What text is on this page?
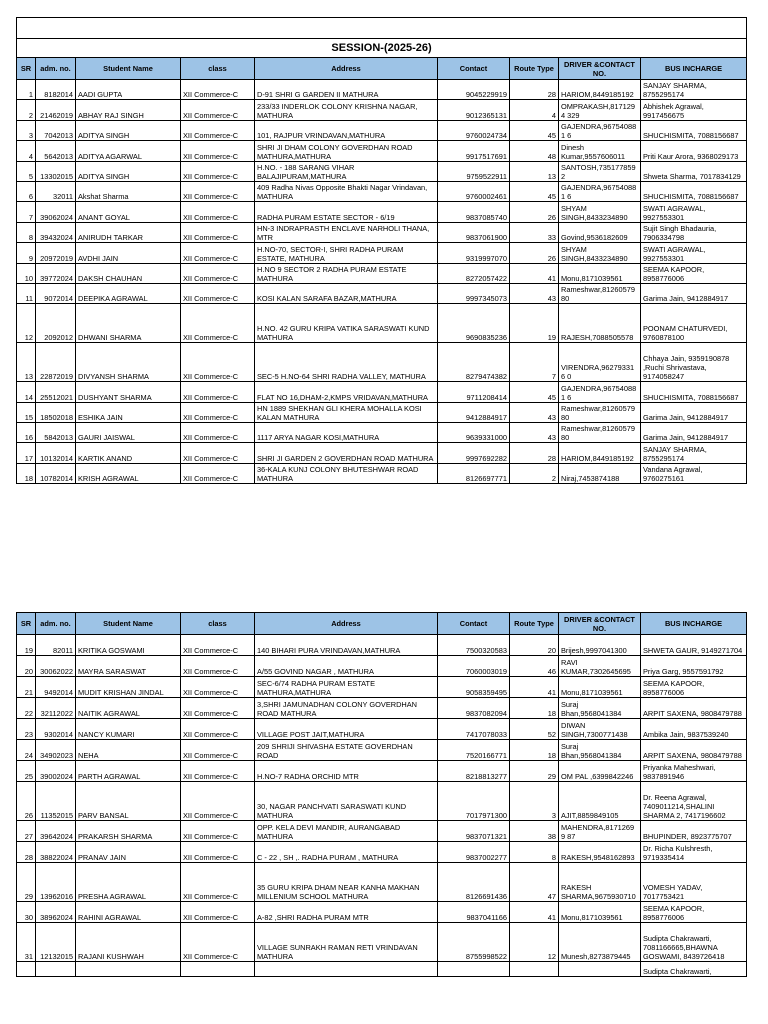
SESSION-(2025-26)								
SR	adm. no.	Student Name	class	Address	Contact	Route Type	DRIVER &CONTACT NO.	BUS INCHARGE
1	8182014	AADI GUPTA	XII Commerce-C	D-91 SHRI G GARDEN II MATHURA	9045229919	28	HARIOM,8449185192	SANJAY SHARMA, 8755295174
2	21462019	ABHAY RAJ SINGH	XII Commerce-C	233/33 INDERLOK COLONY KRISHNA NAGAR, MATHURA	9012365131	4	OMPRAKASH,8171294 329	Abhishek Agrawal, 9917456675
3	7042013	ADITYA SINGH	XII Commerce-C	101, RAJPUR VRINDAVAN,MATHURA	9760024734	45	GAJENDRA,967540881 6	SHUCHISMITA, 7088156687
4	5642013	ADITYA AGARWAL	XII Commerce-C	SHRI JI DHAM COLONY GOVERDHAN ROAD MATHURA,MATHURA	9917517691	48	Dinesh Kumar,9557606011	Priti Kaur Arora, 9368029173
5	13302015	ADITYA SINGH	XII Commerce-C	H.NO. - 188 SARANG VIHAR BALAJIPURAM,MATHURA	9759522911	13	SANTOSH,7351778592	Shweta Sharma, 7017834129
6	32011	Akshat Sharma	XII Commerce-C	409 Radha Nivas Opposite Bhakti Nagar Vrindavan, MATHURA	9760002461	45	GAJENDRA,967540881 6	SHUCHISMITA, 7088156687
7	39062024	ANANT GOYAL	XII Commerce-C	RADHA PURAM ESTATE SECTOR - 6/19	9837085740	26	SHYAM SINGH,8433234890	SWATI AGRAWAL, 9927553301
8	39432024	ANIRUDH TARKAR	XII Commerce-C	HN-3 INDRAPRASTH ENCLAVE NARHOLI THANA, MTR	9837061900	33	Govind,9536182609	Sujit Singh Bhadauria, 7906334798
9	20972019	AVDHI JAIN	XII Commerce-C	H.NO-70, SECTOR-I, SHRI RADHA PURAM ESTATE, MATHURA	9319997070	26	SHYAM SINGH,8433234890	SWATI AGRAWAL, 9927553301
10	39772024	DAKSH CHAUHAN	XII Commerce-C	H.NO 9 SECTOR 2 RADHA PURAM ESTATE MATHURA	8272057422	41	Monu,8171039561	SEEMA KAPOOR, 8958776006
11	9072014	DEEPIKA AGRAWAL	XII Commerce-C	KOSI KALAN SARAFA BAZAR,MATHURA	9997345073	43	Rameshwar,81260579 80	Garima Jain, 9412884917
12	2092012	DHWANI SHARMA	XII Commerce-C	H.NO. 42 GURU KRIPA VATIKA SARASWATI KUND MATHURA	9690835236	19	RAJESH,7088505578	POONAM CHATURVEDI, 9760878100
13	22872019	DIVYANSH SHARMA	XII Commerce-C	SEC-5 H.NO-64 SHRI RADHA VALLEY, MATHURA	8279474382	7	VIRENDRA,962793316 0	Chhaya Jain, 9359190878 ,Ruchi Shrivastava, 9174058247
14	25512021	DUSHYANT SHARMA	XII Commerce-C	FLAT NO 16,DHAM-2,KMPS VRIDAVAN,MATHURA	9711208414	45	GAJENDRA,967540881 6	SHUCHISMITA, 7088156687
15	18502018	ESHIKA JAIN	XII Commerce-C	HN 1889 SHEKHAN GLI KHERA MOHALLA KOSI KALAN MATHURA	9412884917	43	Rameshwar,81260579 80	Garima Jain, 9412884917
16	5842013	GAURI JAISWAL	XII Commerce-C	1117 ARYA NAGAR KOSI,MATHURA	9639331000	43	Rameshwar,81260579 80	Garima Jain, 9412884917
17	10132014	KARTIK ANAND	XII Commerce-C	SHRI JI GARDEN 2 GOVERDHAN ROAD MATHURA	9997692282	28	HARIOM,8449185192	SANJAY SHARMA, 8755295174
18	10782014	KRISH AGRAWAL	XII Commerce-C	36-KALA KUNJ COLONY BHUTESHWAR ROAD MATHURA	8126697771	2	Niraj,7453874188	Vandana Agrawal, 9760275161
SR	adm. no.	Student Name	class	Address	Contact	Route Type	DRIVER &CONTACT NO.	BUS INCHARGE
19	82011	KRITIKA GOSWAMI	XII Commerce-C	140 BIHARI PURA VRINDAVAN,MATHURA	7500320583	20	Brijesh,9997041300	SHWETA GAUR, 9149271704
20	30062022	MAYRA SARASWAT	XII Commerce-C	A/55 GOVIND NAGAR , MATHURA	7060003019	46	RAVI KUMAR,7302645695	Priya Garg, 9557591792
21	9492014	MUDIT KRISHAN JINDAL	XII Commerce-C	SEC-6/74 RADHA PURAM ESTATE MATHURA,MATHURA	9058359495	41	Monu,8171039561	SEEMA KAPOOR, 8958776006
22	32112022	NAITIK AGRAWAL	XII Commerce-C	3,SHRI JAMUNADHAN COLONY GOVERDHAN ROAD MATHURA	9837082094	18	Suraj Bhan,9568041384	ARPIT SAXENA, 9808479788
23	9302014	NANCY KUMARI	XII Commerce-C	VILLAGE POST JAIT,MATHURA	7417078033	52	DIWAN SINGH,7300771438	Ambika Jain, 9837539240
24	34902023	NEHA	XII Commerce-C	209 SHRIJI SHIVASHA ESTATE GOVERDHAN ROAD	7520166771	18	Suraj Bhan,9568041384	ARPIT SAXENA, 9808479788
25	39002024	PARTH AGRAWAL	XII Commerce-C	H.NO-7 RADHA ORCHID MTR	8218813277	29	OM PAL ,6399842246	Priyanka Maheshwari, 9837891946
26	11352015	PARV BANSAL	XII Commerce-C	30, NAGAR PANCHVATI SARASWATI KUND MATHURA	7017971300	3	AJIT,8859849105	Dr. Reena Agrawal, 7409011214,SHALINI SHARMA 2, 7417196602
27	39642024	PRAKARSH SHARMA	XII Commerce-C	OPP. KELA DEVI MANDIR, AURANGABAD MATHURA	9837071321	38	MAHENDRA,81712699 87	BHUPINDER, 8923775707
28	38822024	PRANAV JAIN	XII Commerce-C	C - 22 , SH ,. RADHA PURAM , MATHURA	9837002277	8	RAKESH,9548162893	Dr. Richa Kulshresth, 9719335414
29	13962016	PRESHA AGRAWAL	XII Commerce-C	35 GURU KRIPA DHAM NEAR KANHA MAKHAN MILLENIUM SCHOOL MATHURA	8126691436	47	RAKESH SHARMA,9675930710	VOMESH YADAV, 7017753421
30	38962024	RAHINI AGRAWAL	XII Commerce-C	A-82 ,SHRI RADHA PURAM MTR	9837041166	41	Monu,8171039561	SEEMA KAPOOR, 8958776006
31	12132015	RAJANI KUSHWAH	XII Commerce-C	VILLAGE SUNRAKH RAMAN RETI VRINDAVAN MATHURA	8755998522	12	Munesh,8273879445	Sudipta Chakrawarti, 7081166665,BHAWNA GOSWAMI, 8439726418
								Sudipta Chakrawarti,
